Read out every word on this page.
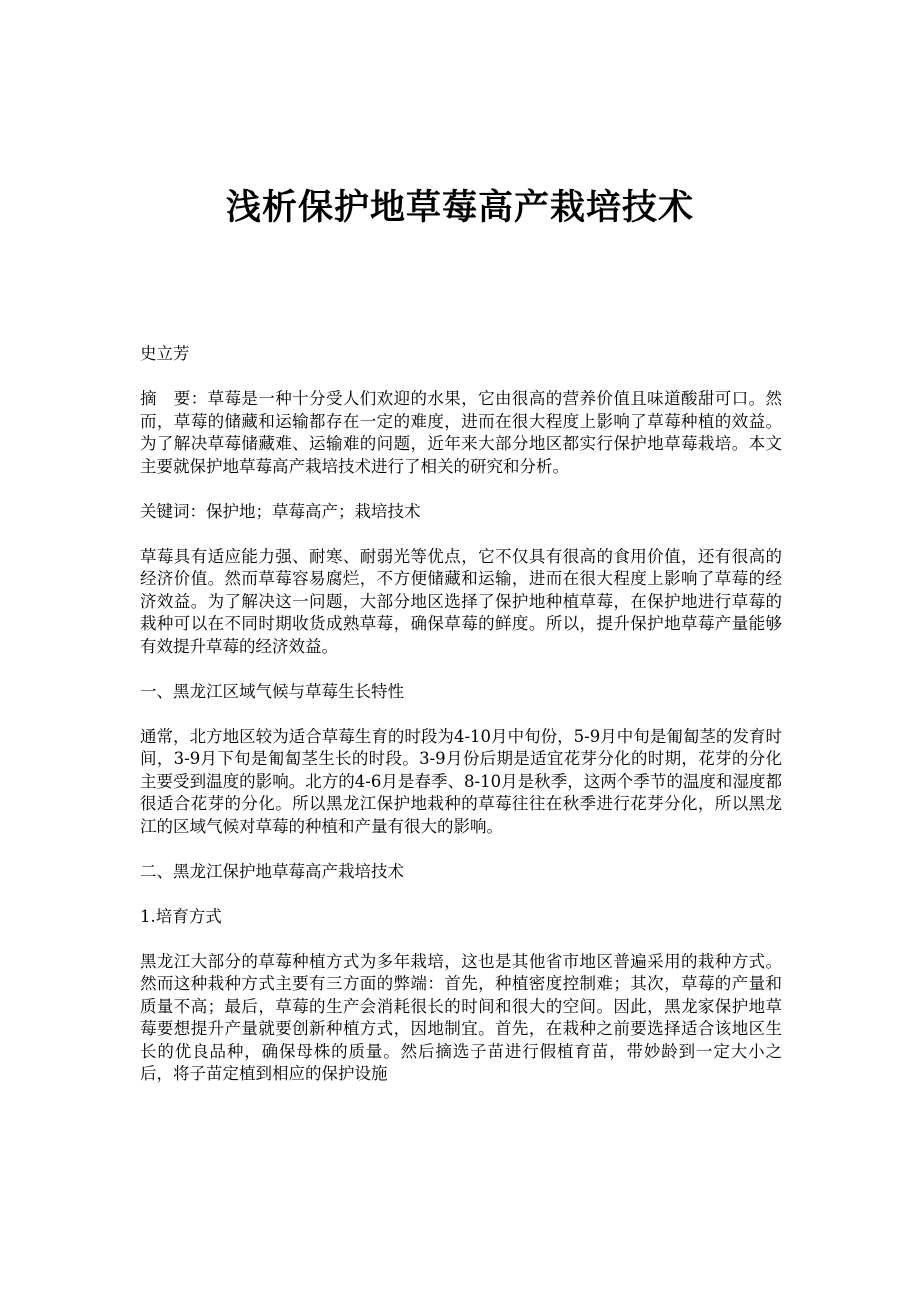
浅析保护地草莓高产栽培技术

史立芳

摘　要：草莓是一种十分受人们欢迎的水果，它由很高的营养价值且味道酸甜可口。然而，草莓的储藏和运输都存在一定的难度，进而在很大程度上影响了草莓种植的效益。为了解决草莓储藏难、运输难的问题，近年来大部分地区都实行保护地草莓栽培。本文主要就保护地草莓高产栽培技术进行了相关的研究和分析。

关键词：保护地；草莓高产；栽培技术

草莓具有适应能力强、耐寒、耐弱光等优点，它不仅具有很高的食用价值，还有很高的经济价值。然而草莓容易腐烂，不方便储藏和运输，进而在很大程度上影响了草莓的经济效益。为了解决这一问题，大部分地区选择了保护地种植草莓，在保护地进行草莓的栽种可以在不同时期收货成熟草莓，确保草莓的鲜度。所以，提升保护地草莓产量能够有效提升草莓的经济效益。

一、黑龙江区域气候与草莓生长特性

通常，北方地区较为适合草莓生育的时段为4-10月中旬份，5-9月中旬是匍匐茎的发育时间，3-9月下旬是匍匐茎生长的时段。3-9月份后期是适宜花芽分化的时期，花芽的分化主要受到温度的影响。北方的4-6月是春季、8-10月是秋季，这两个季节的温度和湿度都很适合花芽的分化。所以黑龙江保护地栽种的草莓往往在秋季进行花芽分化，所以黑龙江的区域气候对草莓的种植和产量有很大的影响。

二、黑龙江保护地草莓高产栽培技术

1.培育方式

黑龙江大部分的草莓种植方式为多年栽培，这也是其他省市地区普遍采用的栽种方式。然而这种栽种方式主要有三方面的弊端：首先，种植密度控制难；其次，草莓的产量和质量不高；最后，草莓的生产会消耗很长的时间和很大的空间。因此，黑龙家保护地草莓要想提升产量就要创新种植方式，因地制宜。首先，在栽种之前要选择适合该地区生长的优良品种，确保母株的质量。然后摘选子苗进行假植育苗，带妙龄到一定大小之后，将子苗定植到相应的保护设施
